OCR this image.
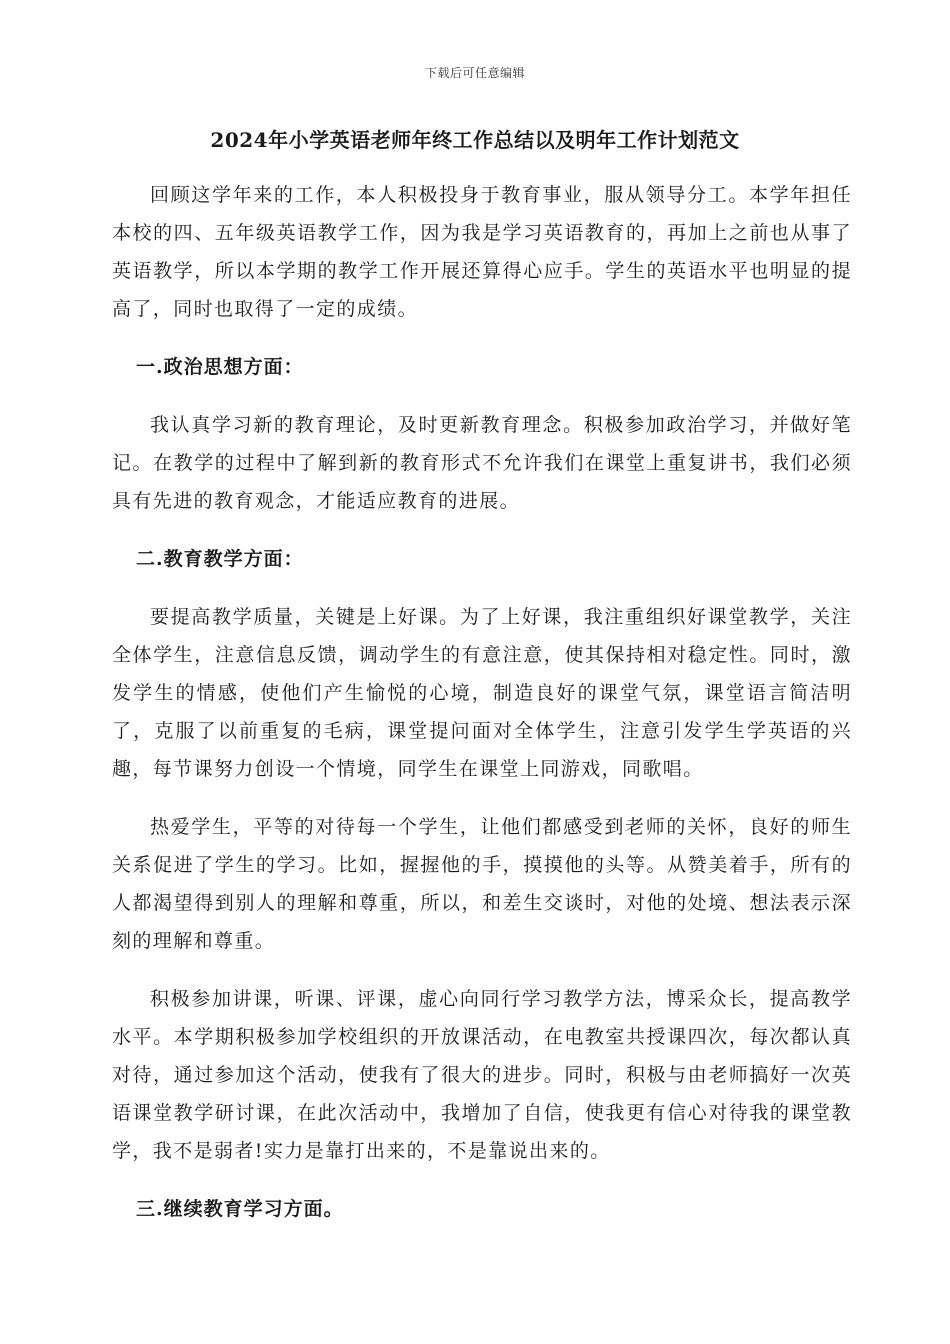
下载后可任意编辑
2024年小学英语老师年终工作总结以及明年工作计划范文

回顾这学年来的工作，本人积极投身于教育事业，服从领导分工。本学年担任本校的四、五年级英语教学工作，因为我是学习英语教育的，再加上之前也从事了英语教学，所以本学期的教学工作开展还算得心应手。学生的英语水平也明显的提高了，同时也取得了一定的成绩。

一.政治思想方面：

我认真学习新的教育理论，及时更新教育理念。积极参加政治学习，并做好笔记。在教学的过程中了解到新的教育形式不允许我们在课堂上重复讲书，我们必须具有先进的教育观念，才能适应教育的进展。

二.教育教学方面：

要提高教学质量，关键是上好课。为了上好课，我注重组织好课堂教学，关注全体学生，注意信息反馈，调动学生的有意注意，使其保持相对稳定性。同时，激发学生的情感，使他们产生愉悦的心境，制造良好的课堂气氛，课堂语言简洁明了，克服了以前重复的毛病，课堂提问面对全体学生，注意引发学生学英语的兴趣，每节课努力创设一个情境，同学生在课堂上同游戏，同歌唱。

热爱学生，平等的对待每一个学生，让他们都感受到老师的关怀，良好的师生关系促进了学生的学习。比如，握握他的手，摸摸他的头等。从赞美着手，所有的人都渴望得到别人的理解和尊重，所以，和差生交谈时，对他的处境、想法表示深刻的理解和尊重。

积极参加讲课，听课、评课，虚心向同行学习教学方法，博采众长，提高教学水平。本学期积极参加学校组织的开放课活动，在电教室共授课四次，每次都认真对待，通过参加这个活动，使我有了很大的进步。同时，积极与由老师搞好一次英语课堂教学研讨课，在此次活动中，我增加了自信，使我更有信心对待我的课堂教学，我不是弱者!实力是靠打出来的，不是靠说出来的。

三.继续教育学习方面。
